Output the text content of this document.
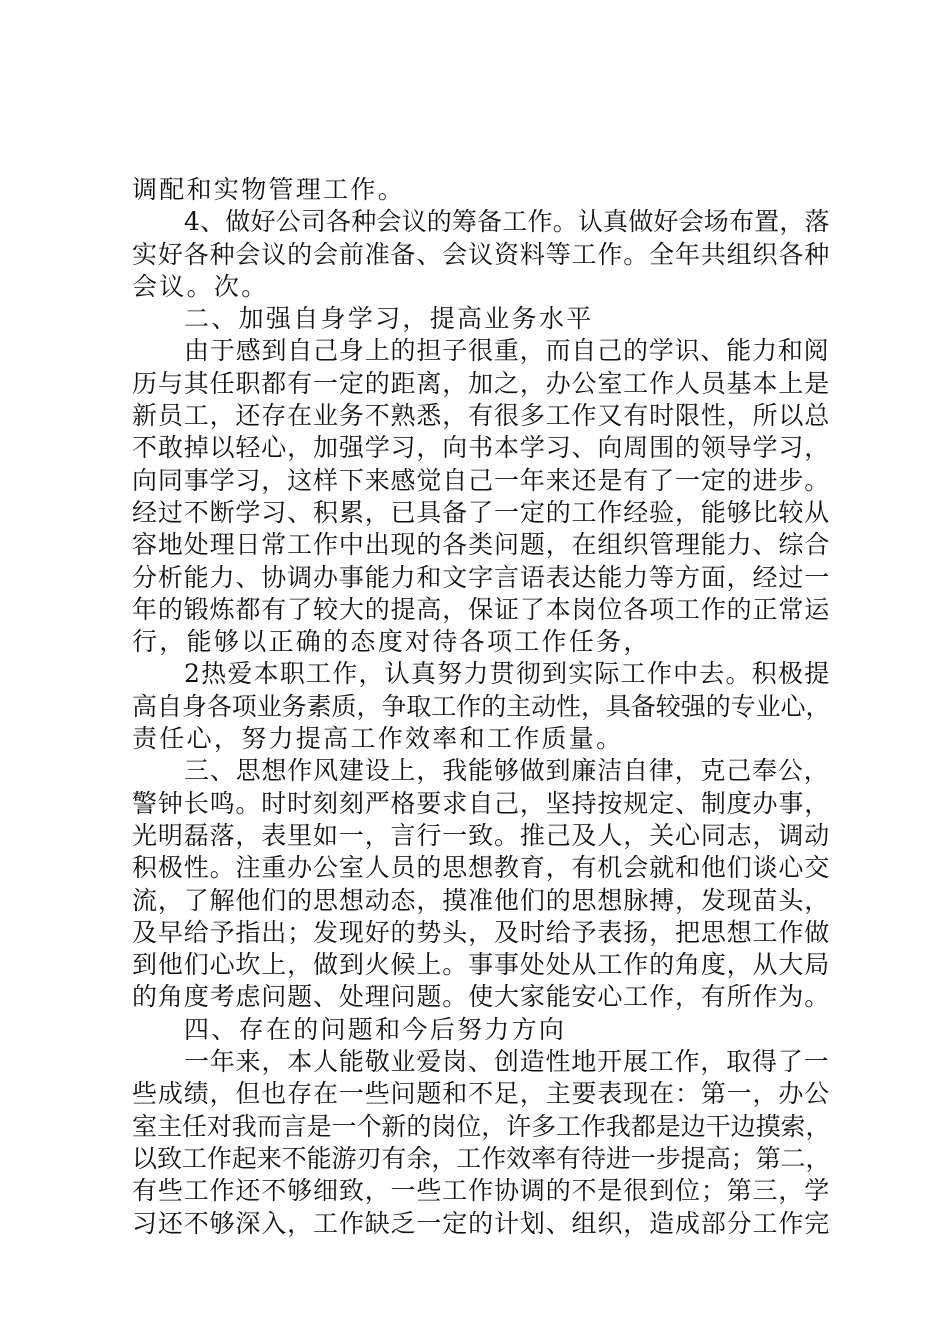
调配和实物管理工作。
4、做好公司各种会议的筹备工作。认真做好会场布置，落
实好各种会议的会前准备、会议资料等工作。全年共组织各种
会议。次。
二、加强自身学习，提高业务水平
由于感到自己身上的担子很重，而自己的学识、能力和阅
历与其任职都有一定的距离，加之，办公室工作人员基本上是
新员工，还存在业务不熟悉，有很多工作又有时限性，所以总
不敢掉以轻心，加强学习，向书本学习、向周围的领导学习，
向同事学习，这样下来感觉自己一年来还是有了一定的进步。
经过不断学习、积累，已具备了一定的工作经验，能够比较从
容地处理日常工作中出现的各类问题，在组织管理能力、综合
分析能力、协调办事能力和文字言语表达能力等方面，经过一
年的锻炼都有了较大的提高，保证了本岗位各项工作的正常运
行，能够以正确的态度对待各项工作任务，
2热爱本职工作，认真努力贯彻到实际工作中去。积极提
高自身各项业务素质，争取工作的主动性，具备较强的专业心，
责任心，努力提高工作效率和工作质量。
三、思想作风建设上，我能够做到廉洁自律，克己奉公，
警钟长鸣。时时刻刻严格要求自己，坚持按规定、制度办事，
光明磊落，表里如一，言行一致。推己及人，关心同志，调动
积极性。注重办公室人员的思想教育，有机会就和他们谈心交
流，了解他们的思想动态，摸准他们的思想脉搏，发现苗头，
及早给予指出；发现好的势头，及时给予表扬，把思想工作做
到他们心坎上，做到火候上。事事处处从工作的角度，从大局
的角度考虑问题、处理问题。使大家能安心工作，有所作为。
四、存在的问题和今后努力方向
一年来，本人能敬业爱岗、创造性地开展工作，取得了一
些成绩，但也存在一些问题和不足，主要表现在：第一，办公
室主任对我而言是一个新的岗位，许多工作我都是边干边摸索，
以致工作起来不能游刃有余，工作效率有待进一步提高；第二，
有些工作还不够细致，一些工作协调的不是很到位；第三，学
习还不够深入，工作缺乏一定的计划、组织，造成部分工作完
